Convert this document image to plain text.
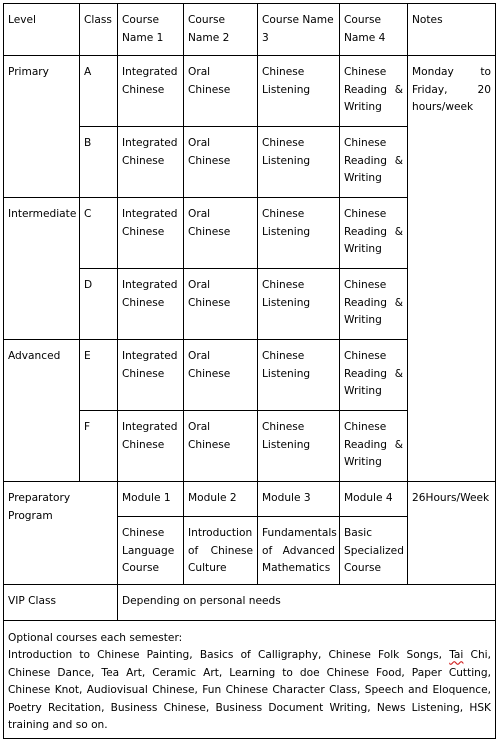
Level	Class	Course Name 1	Course Name 2	Course Name 3	Course Name 4	Notes
Primary	A	Integrated Chinese	Oral Chinese	Chinese Listening	Chinese Reading & Writing	Monday to Friday, 20 hours/week
	B	Integrated Chinese	Oral Chinese	Chinese Listening	Chinese Reading & Writing	
Intermediate	C	Integrated Chinese	Oral Chinese	Chinese Listening	Chinese Reading & Writing	
	D	Integrated Chinese	Oral Chinese	Chinese Listening	Chinese Reading & Writing	
Advanced	E	Integrated Chinese	Oral Chinese	Chinese Listening	Chinese Reading & Writing	
	F	Integrated Chinese	Oral Chinese	Chinese Listening	Chinese Reading & Writing	
Preparatory Program		Module 1	Module 2	Module 3	Module 4	26Hours/Week
		Chinese Language Course	Introduction of Chinese Culture	Fundamentals of Advanced Mathematics	Basic Specialized Course	
VIP Class		Depending on personal needs				
Optional courses each semester:
Introduction to Chinese Painting, Basics of Calligraphy, Chinese Folk Songs, Tai Chi, Chinese Dance, Tea Art, Ceramic Art, Learning to doe Chinese Food, Paper Cutting, Chinese Knot, Audiovisual Chinese, Fun Chinese Character Class, Speech and Eloquence, Poetry Recitation, Business Chinese, Business Document Writing, News Listening, HSK training and so on.						
